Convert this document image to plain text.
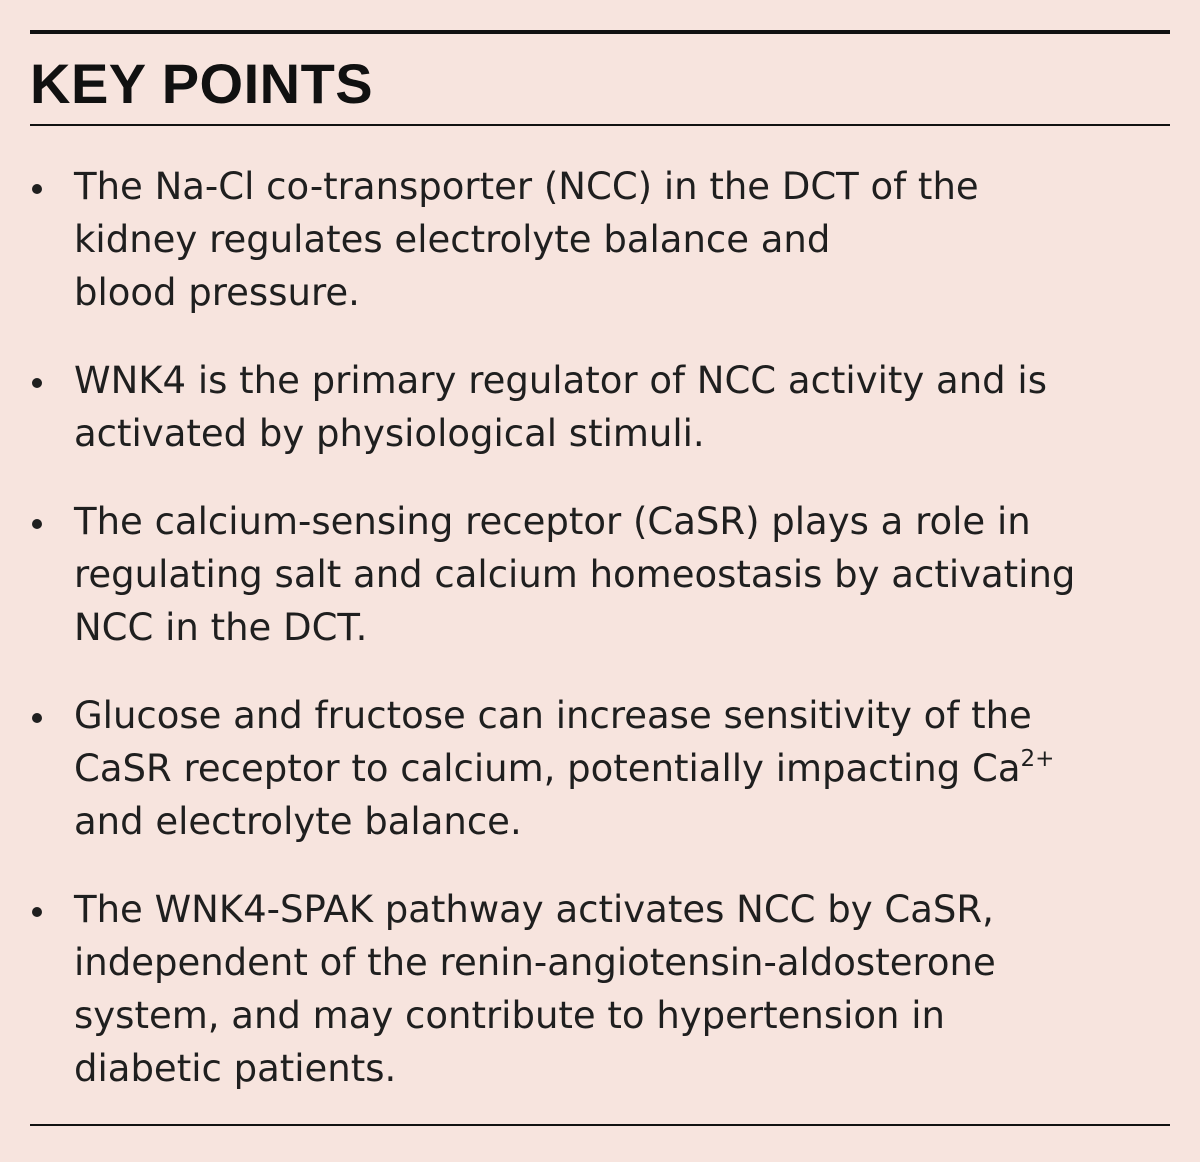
KEY POINTS
The Na-Cl co-transporter (NCC) in the DCT of the
kidney regulates electrolyte balance and
blood pressure.
WNK4 is the primary regulator of NCC activity and is
activated by physiological stimuli.
The calcium-sensing receptor (CaSR) plays a role in
regulating salt and calcium homeostasis by activating
NCC in the DCT.
Glucose and fructose can increase sensitivity of the
CaSR receptor to calcium, potentially impacting $Ca^{2+}$
and electrolyte balance.
The WNK4-SPAK pathway activates NCC by CaSR,
independent of the renin-angiotensin-aldosterone
system, and may contribute to hypertension in
diabetic patients.
